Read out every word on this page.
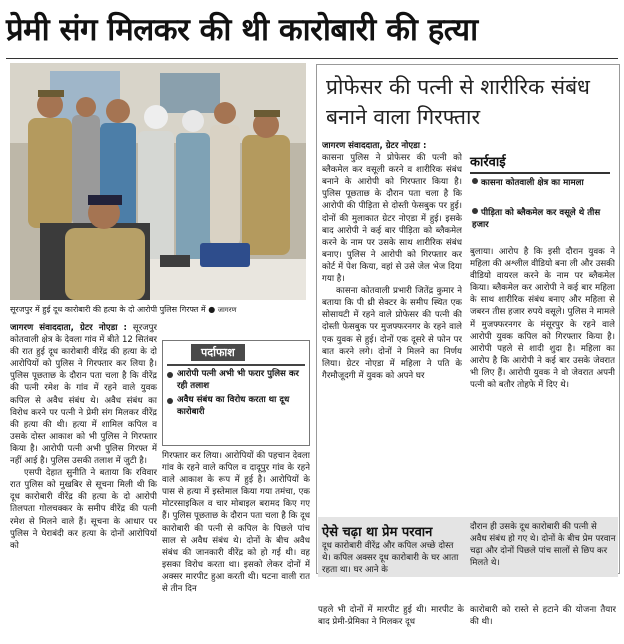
प्रेमी संग मिलकर की थी कारोबारी की हत्या
सूरजपुर में हुई दूध कारोबारी की हत्या के दो आरोपी पुलिस गिरफ्त में ● जागरण

जागरण संवाददाता, ग्रेटर नोएडा : सूरजपुर कोतवाली क्षेत्र के देवला गांव में बीते 12 सितंबर की रात हुई दूध कारोबारी वीरेंद्र की हत्या के दो आरोपियों को पुलिस ने गिरफ्तार कर लिया है। पुलिस पूछताछ के दौरान पता चला है कि वीरेंद्र की पत्नी रमेश के गांव में रहने वाले युवक कपिल से अवैध संबंध थे। अवैध संबंध का विरोध करने पर पत्नी ने प्रेमी संग मिलकर वीरेंद्र की हत्या की थी। हत्या में शामिल कपिल व उसके दोस्त आकाश को भी पुलिस ने गिरफ्तार किया है। आरोपी पत्नी अभी पुलिस गिरफ्त में नहीं आई है। पुलिस उसकी तलाश में जुटी है।

एसपी देहात सुनीति ने बताया कि रविवार रात पुलिस को मुखबिर से सूचना मिली थी कि दूध कारोबारी वीरेंद्र की हत्या के दो आरोपी तिलपता गोलचक्कर के समीप वीरेंद्र की पत्नी रमेश से मिलने वाले हैं। सूचना के आधार पर पुलिस ने घेराबंदी कर हत्या के दोनों आरोपियों को

पर्दाफाश
आरोपी पत्नी अभी भी फरार पुलिस कर रही तलाश
अवैध संबंध का विरोध करता था दूध कारोबारी

गिरफ्तार कर लिया। आरोपियों की पहचान देवला गांव के रहने वाले कपिल व दादूपुर गांव के रहने वाले आकाश के रूप में हुई है। आरोपियों के पास से हत्या में इस्तेमाल किया गया तमंचा, एक मोटरसाइकिल व चार मोबाइल बरामद किए गए हैं। पुलिस पूछताछ के दौरान पता चला है कि दूध कारोबारी की पत्नी से कपिल के पिछले पांच साल से अवैध संबंध थे। दोनों के बीच अवैध संबंध की जानकारी वीरेंद्र को हो गई थी। वह इसका विरोध करता था। इसको लेकर दोनों में अक्सर मारपीट हुआ करती थी। घटना वाली रात से तीन दिन

प्रोफेसर की पत्नी से शारीरिक संबंध बनाने वाला गिरफ्तार

जागरण संवाददाता, ग्रेटर नोएडा :

कासना पुलिस ने प्रोफेसर की पत्नी को ब्लैकमेल कर वसूली करने व शारीरिक संबंध बनाने के आरोपी को गिरफ्तार किया है। पुलिस पूछताछ के दौरान पता चला है कि आरोपी की पीड़िता से दोस्ती फेसबुक पर हुई। दोनों की मुलाकात ग्रेटर नोएडा में हुई। इसके बाद आरोपी ने कई बार पीड़िता को ब्लैकमेल करने के नाम पर उसके साथ शारीरिक संबंध बनाए। पुलिस ने आरोपी को गिरफ्तार कर कोर्ट में पेश किया, वहां से उसे जेल भेज दिया गया है।

कासना कोतवाली प्रभारी जितेंद्र कुमार ने बताया कि पी थ्री सेक्टर के समीप स्थित एक सोसायटी में रहने वाले प्रोफेसर की पत्नी की दोस्ती फेसबुक पर मुजफ्फरनगर के रहने वाले एक युवक से हुई। दोनों एक दूसरे से फोन पर बात करने लगे। दोनों ने मिलने का निर्णय लिया। ग्रेटर नोएडा में महिला ने पति के गैरमौजूदगी में युवक को अपने घर

कार्रवाई
कासना कोतवाली क्षेत्र का मामला
पीड़िता को ब्लैकमेल कर वसूले थे तीस हजार

बुलाया। आरोप है कि इसी दौरान युवक ने महिला की अश्लील वीडियो बना ली और उसकी वीडियो वायरल करने के नाम पर ब्लैकमेल किया। ब्लैकमेल कर आरोपी ने कई बार महिला के साथ शारीरिक संबंध बनाए और महिला से जबरन तीस हजार रुपये वसूले। पुलिस ने मामले में मुजफ्फरनगर के मंसूरपुर के रहने वाले आरोपी युवक कपिल को गिरफ्तार किया है। आरोपी पहले से शादी शुदा है। महिला का आरोप है कि आरोपी ने कई बार उसके जेवरात भी लिए हैं। आरोपी युवक ने वो जेवरात अपनी पत्नी को बतौर तोहफे में दिए थे।

ऐसे चढ़ा था प्रेम परवान
दूध कारोबारी वीरेंद्र और कपिल अच्छे दोस्त थे। कपिल अक्सर दूध कारोबारी के घर आता रहता था। घर आने के
दौरान ही उसके दूध कारोबारी की पत्नी से अवैध संबंध हो गए थे। दोनों के बीच प्रेम परवान चढ़ा और दोनों पिछले पांच सालों से छिप कर मिलते थे।
पहले भी दोनों में मारपीट हुई थी। मारपीट के बाद प्रेमी-प्रेमिका ने मिलकर दूध
कारोबारी को रास्ते से हटाने की योजना तैयार की थी।
